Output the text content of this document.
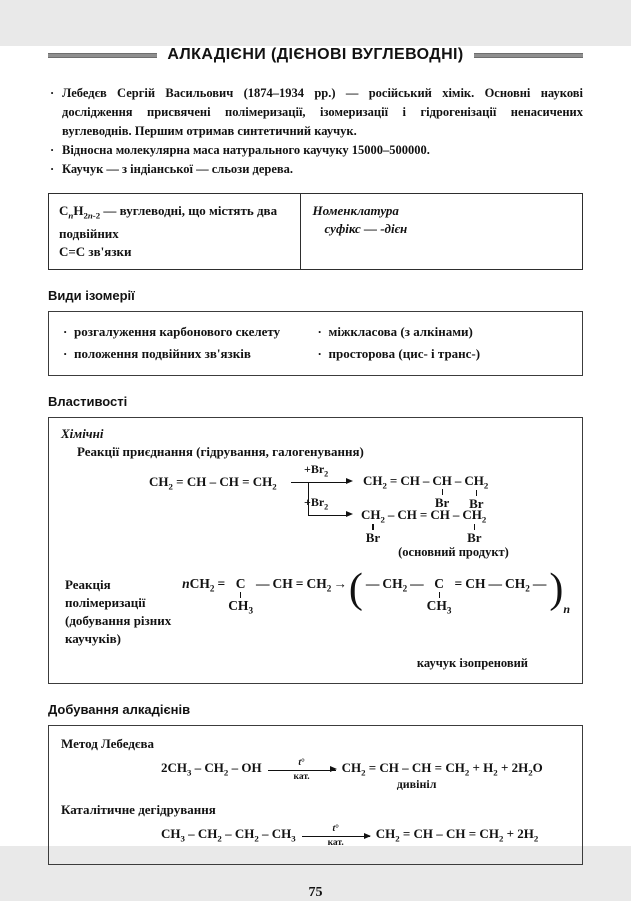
АЛКАДІЄНИ (ДІЄНОВІ ВУГЛЕВОДНІ)
· Лебедєв Сергій Васильович (1874–1934 рр.) — російський хімік. Основні наукові дослідження присвячені полімеризації, ізомеризації і гідрогенізації ненасичених вуглеводнів. Першим отримав синтетичний каучук.
· Відносна молекулярна маса натурального каучуку 15000–500000.
· Каучук — з індіанської — сльози дерева.
$C_nH_{2n-2}$ — вуглеводні, що містять два подвійних
C=C зв'язки
Номенклатура
суфікс — -дієн
Види ізомерії
· розгалуження карбонового скелету
· положення подвійних зв'язків
· міжкласова (з алкінами)
· просторова (цис- і транс-)
Властивості
Хімічні
Реакції приєднання (гідрування, галогенування)
$CH_2$ = CH – CH = $CH_2$
$+Br_2$
$+Br_2$
$CH_2$ = CH – CH
Br
– $CH_2$
Br
$CH_2$
Br
– CH = CH – $CH_2$
Br
(основний продукт)
Реакція полімеризації
(добування різних каучуків)
nCH$_2$ = C
$CH_3$
— CH = $CH_2$ → ( — $CH_2$ — C
$CH_3$
= CH — $CH_2$ — ) n
каучук ізопреновий
Добування алкадієнів
Метод Лебедєва
$2CH_3 - CH_2$ – OH	t°
кат.
$CH_2$ = CH – CH = $CH_2 + H_2 + 2H_2O$
дивініл
Каталітичне дегідрування
$CH_3 - CH_2 - CH_2 - CH_3$
t°
кат.
$CH_2$ = CH – CH = $CH_2 + 2H_2$
75
